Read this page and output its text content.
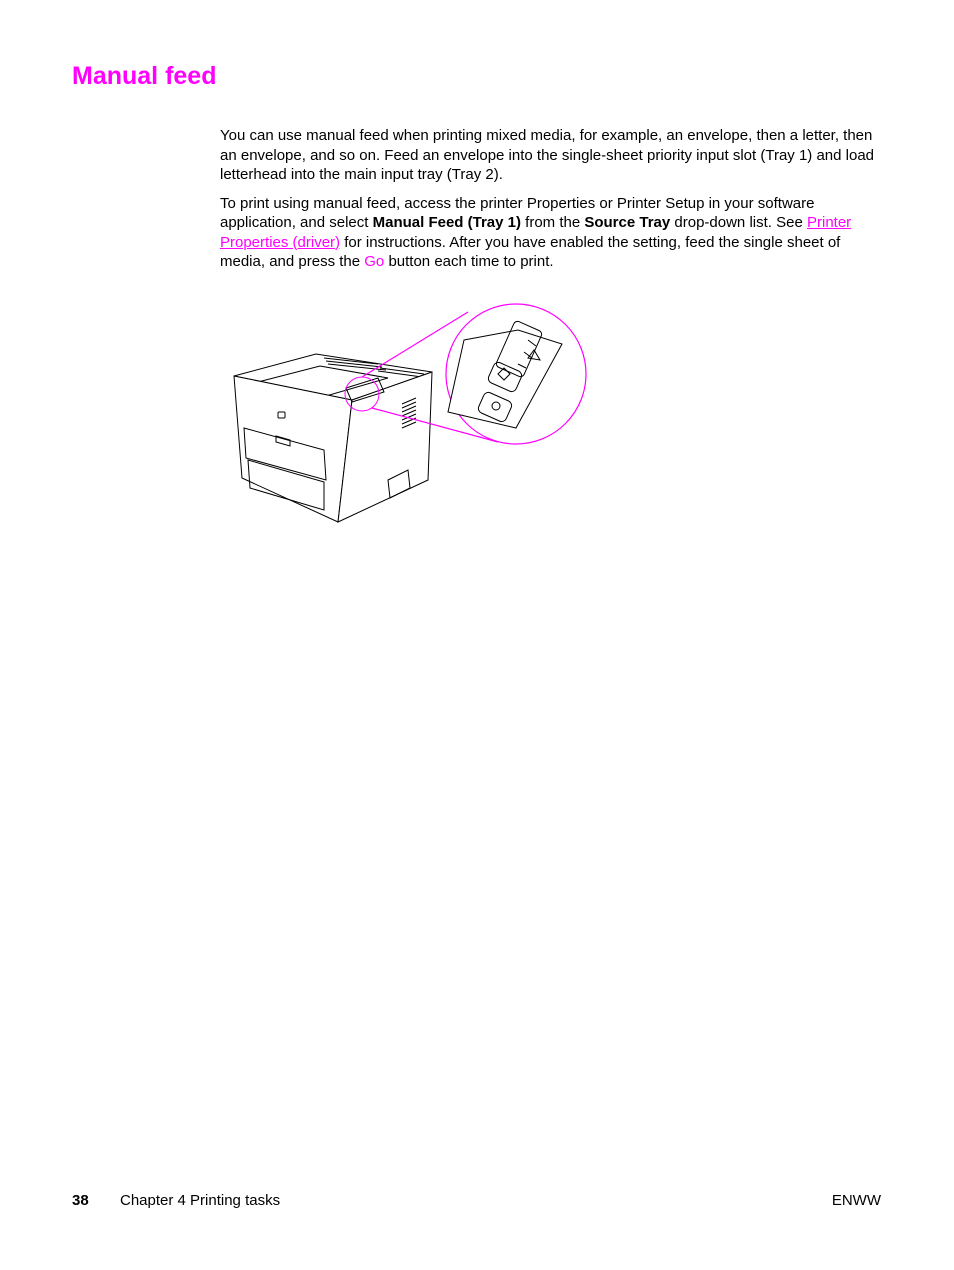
Manual feed

You can use manual feed when printing mixed media, for example, an envelope, then a letter, then an envelope, and so on. Feed an envelope into the single-sheet priority input slot (Tray 1) and load letterhead into the main input tray (Tray 2).

To print using manual feed, access the printer Properties or Printer Setup in your software application, and select Manual Feed (Tray 1) from the Source Tray drop-down list. See Printer Properties (driver) for instructions. After you have enabled the setting, feed the single sheet of media, and press the Go button each time to print.

38 Chapter 4 Printing tasks	ENWW
